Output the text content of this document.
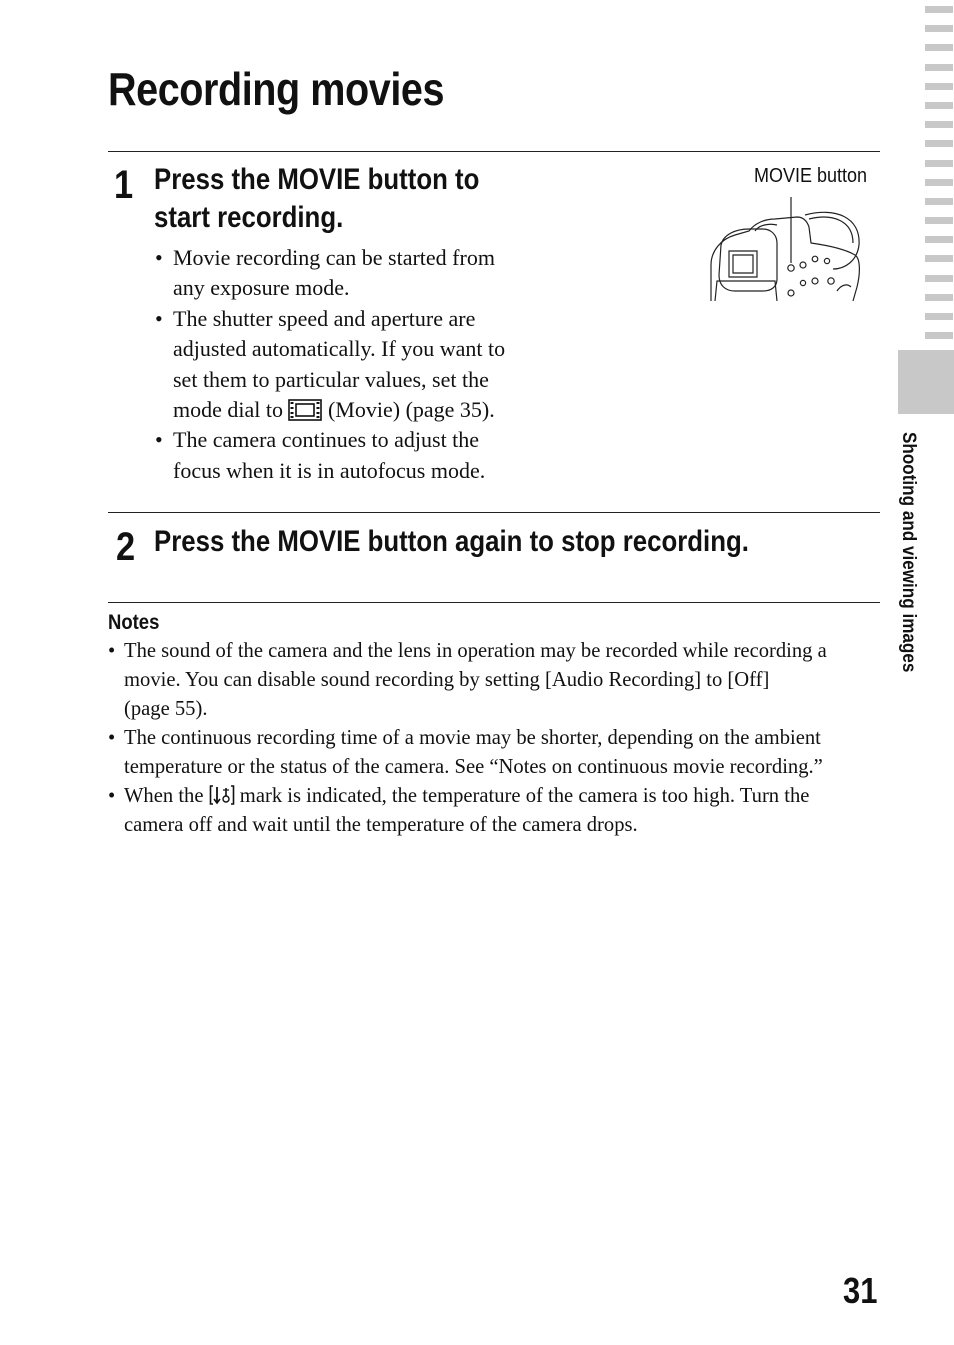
Recording movies
1 Press the MOVIE button to
start recording.
• Movie recording can be started from
any exposure mode.
• The shutter speed and aperture are
adjusted automatically. If you want to
set them to particular values, set the
mode dial to (Movie) (page 35).
• The camera continues to adjust the
focus when it is in autofocus mode.
MOVIE button
2 Press the MOVIE button again to stop recording.
Notes
• The sound of the camera and the lens in operation may be recorded while recording a
movie. You can disable sound recording by setting [Audio Recording] to [Off]
(page 55).
• The continuous recording time of a movie may be shorter, depending on the ambient
temperature or the status of the camera. See “Notes on continuous movie recording.”
• When the mark is indicated, the temperature of the camera is too high. Turn the
camera off and wait until the temperature of the camera drops.
Shooting and viewing images
31
